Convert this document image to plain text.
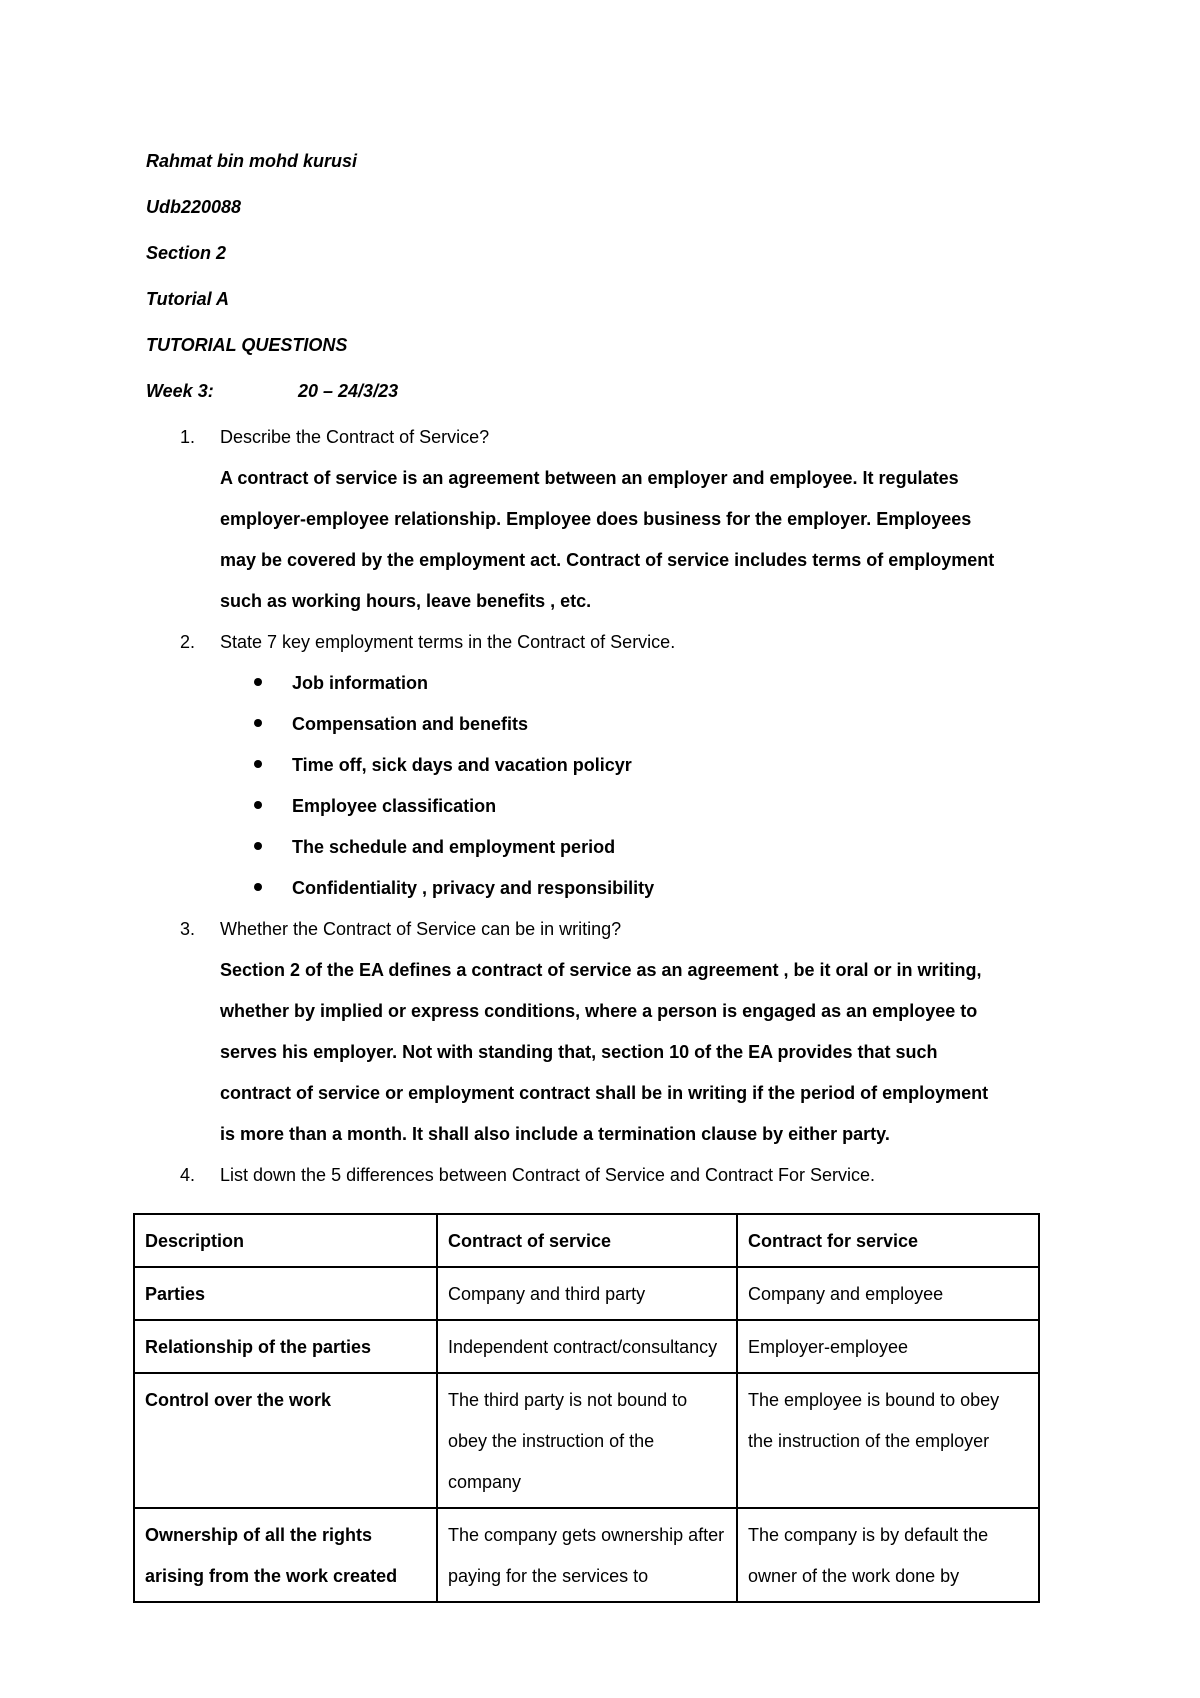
Rahmat bin mohd kurusi
Udb220088
Section 2
Tutorial A
TUTORIAL QUESTIONS
Week 3:	20 – 24/3/23
1. Describe the Contract of Service?
A contract of service is an agreement between an employer and employee. It regulates
employer-employee relationship. Employee does business for the employer. Employees
may be covered by the employment act. Contract of service includes terms of employment
such as working hours, leave benefits , etc.
2. State 7 key employment terms in the Contract of Service.
Job information
Compensation and benefits
Time off, sick days and vacation policyr
Employee classification
The schedule and employment period
Confidentiality , privacy and responsibility
3. Whether the Contract of Service can be in writing?
Section 2 of the EA defines a contract of service as an agreement , be it oral or in writing,
whether by implied or express conditions, where a person is engaged as an employee to
serves his employer. Not with standing that, section 10 of the EA provides that such
contract of service or employment contract shall be in writing if the period of employment
is more than a month. It shall also include a termination clause by either party.
4. List down the 5 differences between Contract of Service and Contract For Service.
Description	Contract of service	Contract for service
Parties	Company and third party	Company and employee
Relationship of the parties	Independent contract/consultancy	Employer-employee
Control over the work	The third party is not bound to obey the instruction of the company	The employee is bound to obey the instruction of the employer

Ownership of all the rights arising from the work created	The company gets ownership after paying for the services to	The company is by default the owner of the work done by
